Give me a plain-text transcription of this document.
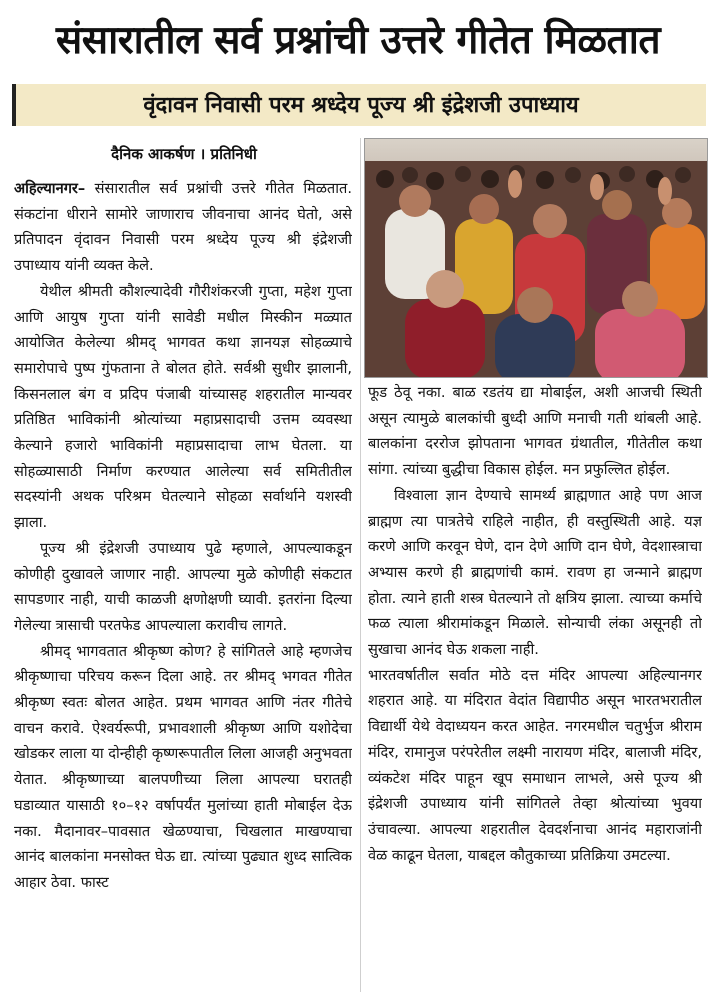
संसारातील सर्व प्रश्नांची उत्तरे गीतेत मिळतात
वृंदावन निवासी परम श्रध्देय पूज्य श्री इंद्रेशजी उपाध्याय
दैनिक आकर्षण । प्रतिनिधी

अहिल्यानगर– संसारातील सर्व प्रश्नांची उत्तरे गीतेत मिळतात. संकटांना धीराने सामोरे जाणाराच जीवनाचा आनंद घेतो, असे प्रतिपादन वृंदावन निवासी परम श्रध्देय पूज्य श्री इंद्रेशजी उपाध्याय यांनी व्यक्त केले.

येथील श्रीमती कौशल्यादेवी गौरीशंकरजी गुप्ता, महेश गुप्ता आणि आयुष गुप्ता यांनी सावेडी मधील मिस्कीन मळ्यात आयोजित केलेल्या श्रीमद् भागवत कथा ज्ञानयज्ञ सोहळ्याचे समारोपाचे पुष्प गुंफताना ते बोलत होते. सर्वश्री सुधीर झालानी, किसनलाल बंग व प्रदिप पंजाबी यांच्यासह शहरातील मान्यवर प्रतिष्ठित भाविकांनी श्रोत्यांच्या महाप्रसादाची उत्तम व्यवस्था केल्याने हजारो भाविकांनी महाप्रसादाचा लाभ घेतला. या सोहळ्यासाठी निर्माण करण्यात आलेल्या सर्व समितीतील सदस्यांनी अथक परिश्रम घेतल्याने सोहळा सर्वार्थाने यशस्वी झाला.

पूज्य श्री इंद्रेशजी उपाध्याय पुढे म्हणाले, आपल्याकडून कोणीही दुखावले जाणार नाही. आपल्या मुळे कोणीही संकटात सापडणार नाही, याची काळजी क्षणोक्षणी घ्यावी. इतरांना दिल्या गेलेल्या त्रासाची परतफेड आपल्याला करावीच लागते.

श्रीमद् भागवतात श्रीकृष्ण कोण? हे सांगितले आहे म्हणजेच श्रीकृष्णाचा परिचय करून दिला आहे. तर श्रीमद् भगवत गीतेत श्रीकृष्ण स्वतः बोलत आहेत. प्रथम भागवत आणि नंतर गीतेचे वाचन करावे. ऐश्वर्यरूपी, प्रभावशाली श्रीकृष्ण आणि यशोदेचा खोडकर लाला या दोन्हीही कृष्णरूपातील लिला आजही अनुभवता येतात. श्रीकृष्णाच्या बालपणीच्या लिला आपल्या घरातही घडाव्यात यासाठी १०–१२ वर्षापर्यंत मुलांच्या हाती मोबाईल देऊ नका. मैदानावर–पावसात खेळण्याचा, चिखलात माखण्याचा आनंद बालकांना मनसोक्त घेऊ द्या. त्यांच्या पुढ्यात शुध्द सात्विक आहार ठेवा. फास्ट

फूड ठेवू नका. बाळ रडतंय द्या मोबाईल, अशी आजची स्थिती असून त्यामुळे बालकांची बुध्दी आणि मनाची गती थांबली आहे. बालकांना दररोज झोपताना भागवत ग्रंथातील, गीतेतील कथा सांगा. त्यांच्या बुद्धीचा विकास होईल. मन प्रफुल्लित होईल.

विश्वाला ज्ञान देण्याचे सामर्थ्य ब्राह्मणात आहे पण आज ब्राह्मण त्या पात्रतेचे राहिले नाहीत, ही वस्तुस्थिती आहे. यज्ञ करणे आणि करवून घेणे, दान देणे आणि दान घेणे, वेदशास्त्राचा अभ्यास करणे ही ब्राह्मणांची कामं. रावण हा जन्माने ब्राह्मण होता. त्याने हाती शस्त्र घेतल्याने तो क्षत्रिय झाला. त्याच्या कर्माचे फळ त्याला श्रीरामांकडून मिळाले. सोन्याची लंका असूनही तो सुखाचा आनंद घेऊ शकला नाही.

भारतवर्षातील सर्वात मोठे दत्त मंदिर आपल्या अहिल्यानगर शहरात आहे. या मंदिरात वेदांत विद्यापीठ असून भारतभरातील विद्यार्थी येथे वेदाध्ययन करत आहेत. नगरमधील चतुर्भुज श्रीराम मंदिर, रामानुज परंपरेतील लक्ष्मी नारायण मंदिर, बालाजी मंदिर, व्यंकटेश मंदिर पाहून खूप समाधान लाभले, असे पूज्य श्री इंद्रेशजी उपाध्याय यांनी सांगितले तेव्हा श्रोत्यांच्या भुवया उंचावल्या. आपल्या शहरातील देवदर्शनाचा आनंद महाराजांनी वेळ काढून घेतला, याबद्दल कौतुकाच्या प्रतिक्रिया उमटल्या.
